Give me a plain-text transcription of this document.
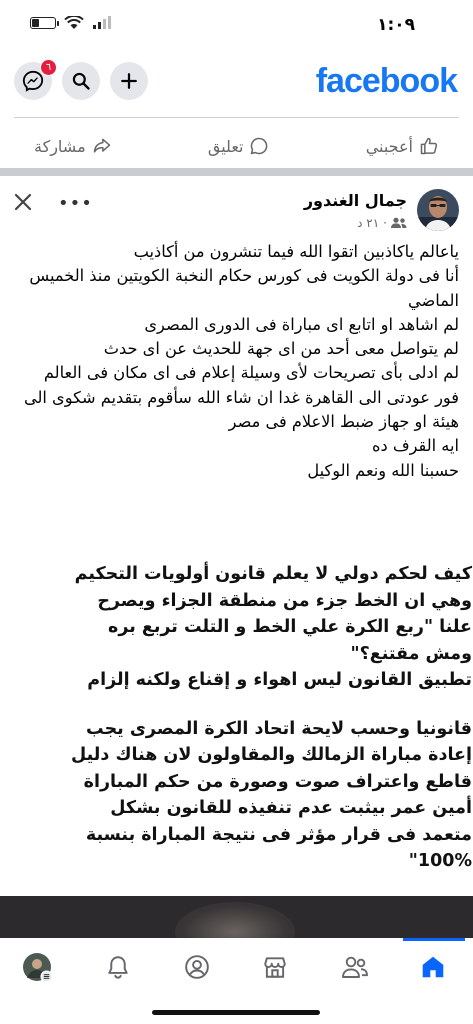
١:٠٩
٦	facebook
أعجبني
تعليق
مشاركة
جمال الغندور
٢١ د ·
•••

ياعالم ياكاذبين اتقوا الله فيما تنشرون من أكاذيب

أنا فى دولة الكويت فى كورس حكام النخبة الكويتين منذ الخميس الماضي

لم اشاهد او اتابع اى مباراة فى الدورى المصرى

لم يتواصل معى أحد من اى جهة للحديث عن اى حدث

لم ادلى بأى تصريحات لأى وسيلة إعلام فى اى مكان فى العالم

فور عودتى الى القاهرة غدا ان شاء الله سأقوم بتقديم شكوى الى هيئة او جهاز ضبط الاعلام فى مصر

ايه القرف ده

حسبنا الله ونعم الوكيل

كيف لحكم دولي لا يعلم قانون أولويات التحكيم
وهي ان الخط جزء من منطقة الجزاء ويصرح
علنا "ربع الكرة علي الخط و التلت تربع بره
ومش مقتنع؟"
تطبيق القانون ليس اهواء و إقناع ولكنه إلزام
قانونيا وحسب لايحة اتحاد الكرة المصرى يجب
إعادة مباراة الزمالك والمقاولون لان هناك دليل
قاطع واعتراف صوت وصورة من حكم المباراة
أمين عمر بيثبت عدم تنفيذه للقانون بشكل
متعمد فى قرار مؤثر فى نتيجة المباراة بنسبة
100%"
